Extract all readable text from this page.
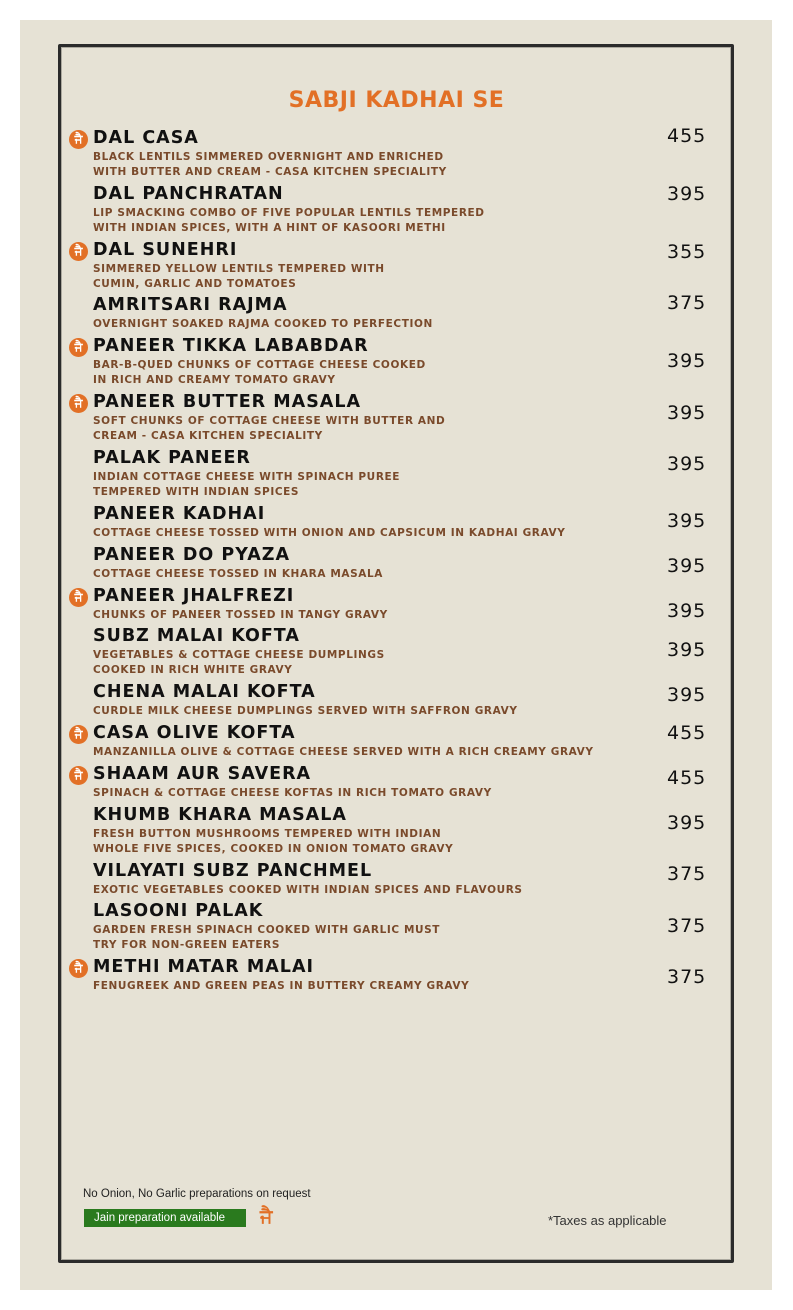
SABJI KADHAI SE
ਜੈ DAL CASA
BLACK LENTILS SIMMERED OVERNIGHT AND ENRICHED
WITH BUTTER AND CREAM - CASA KITCHEN SPECIALITY
455
DAL PANCHRATAN
LIP SMACKING COMBO OF FIVE POPULAR LENTILS TEMPERED
WITH INDIAN SPICES, WITH A HINT OF KASOORI METHI
395
ਜੈ DAL SUNEHRI
SIMMERED YELLOW LENTILS TEMPERED WITH
CUMIN, GARLIC AND TOMATOES
355
AMRITSARI RAJMA
OVERNIGHT SOAKED RAJMA COOKED TO PERFECTION
375
ਜੈ PANEER TIKKA LABABDAR
BAR-B-QUED CHUNKS OF COTTAGE CHEESE COOKED
IN RICH AND CREAMY TOMATO GRAVY
395
ਜੈ PANEER BUTTER MASALA
SOFT CHUNKS OF COTTAGE CHEESE WITH BUTTER AND
CREAM - CASA KITCHEN SPECIALITY
395
PALAK PANEER
INDIAN COTTAGE CHEESE WITH SPINACH PUREE
TEMPERED WITH INDIAN SPICES
395
PANEER KADHAI
COTTAGE CHEESE TOSSED WITH ONION AND CAPSICUM IN KADHAI GRAVY
395
PANEER DO PYAZA
COTTAGE CHEESE TOSSED IN KHARA MASALA	395
ਜੈ PANEER JHALFREZI
CHUNKS OF PANEER TOSSED IN TANGY GRAVY	395
SUBZ MALAI KOFTA
VEGETABLES & COTTAGE CHEESE DUMPLINGS
COOKED IN RICH WHITE GRAVY
395
CHENA MALAI KOFTA
CURDLE MILK CHEESE DUMPLINGS SERVED WITH SAFFRON GRAVY
395
ਜੈ CASA OLIVE KOFTA
MANZANILLA OLIVE & COTTAGE CHEESE SERVED WITH A RICH CREAMY GRAVY
455
ਜੈ SHAAM AUR SAVERA
SPINACH & COTTAGE CHEESE KOFTAS IN RICH TOMATO GRAVY
455
KHUMB KHARA MASALA
FRESH BUTTON MUSHROOMS TEMPERED WITH INDIAN
WHOLE FIVE SPICES, COOKED IN ONION TOMATO GRAVY
395
VILAYATI SUBZ PANCHMEL
EXOTIC VEGETABLES COOKED WITH INDIAN SPICES AND FLAVOURS
375
LASOONI PALAK
GARDEN FRESH SPINACH COOKED WITH GARLIC MUST
TRY FOR NON-GREEN EATERS
375
ਜੈ METHI MATAR MALAI
FENUGREEK AND GREEN PEAS IN BUTTERY CREAMY GRAVY	375
No Onion, No Garlic preparations on request
Jain preparation available	ਜੈ	*Taxes as applicable
